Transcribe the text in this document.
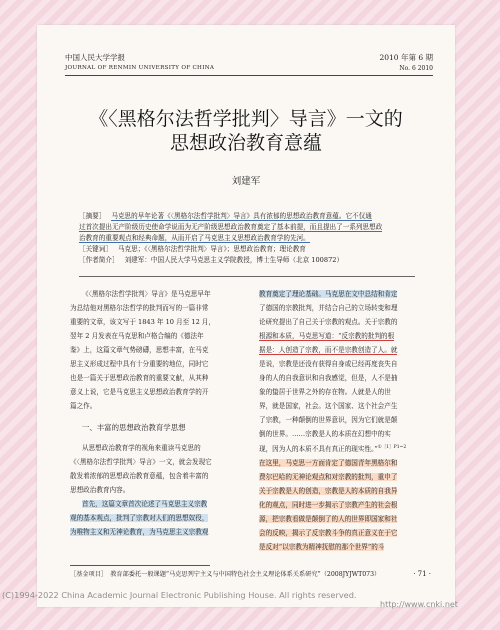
中国人民大学学报
JOURNAL OF RENMIN UNIVERSITY OF CHINA
2010 年第 6 期
No. 6 2010
《〈黑格尔法哲学批判〉导言》一文的
思想政治教育意蕴
刘建军
［摘要］ 马克思的早年论著《〈黑格尔法哲学批判〉导言》具有浓郁的思想政治教育意蕴。它不仅通
过首次提出无产阶级历史使命学说而为无产阶级思想政治教育奠定了基本前提，而且提出了一系列思想政
治教育的重要观点和经典命题，从而开启了马克思主义思想政治教育学的先河。
［关键词］ 马克思；《〈黑格尔法哲学批判〉导言》；思想政治教育；理论教育
［作者简介］ 刘建军：中国人民大学马克思主义学院教授，博士生导师（北京 100872）
《〈黑格尔法哲学批判〉导言》是马克思早年
为总结他对黑格尔法哲学的批判而写的一篇非常
重要的文章，该文写于 1843 年 10 月至 12 月，
翌年 2 月发表在马克思和卢格合编的《德法年
鉴》上，这篇文章气势磅礴，思想丰富，在马克
思主义形成过程中具有十分重要的地位，同时它
也是一篇关于思想政治教育的重要文献，从其种
意义上说，它是马克思主义思想政治教育学的开
篇之作。
一、丰富的思想政治教育学思想
从思想政治教育学的视角来重读马克思的
《〈黑格尔法哲学批判〉导言》一文，就会发现它
散发着浓郁的思想政治教育意蕴，包含着丰富的
思想政治教育内容。
首先，这篇文章首次论述了马克思主义宗教
观的基本观点，批判了宗教对人们的思想奴役，
为唯物主义和无神论教育，为马克思主义宗教观
教育奠定了理论基础。马克思在文中总结和肯定
了德国的宗教批判，并结合自己的立场转变和理
论研究提出了自己关于宗教的观点。关于宗教的
根源和本质，马克思写道：“反宗教的批判的根
据是：人创造了宗教，而不是宗教创造了人。就
是说，宗教是还没有获得自身或已经再度丧失自
身的人的自我意识和自我感觉，但是，人不是抽
象的蛰居于世界之外的存在物。人就是人的世
界，就是国家，社会。这个国家、这个社会产生
了宗教，一种颠倒的世界意识，因为它们就是颠
倒的世界。……宗教是人的本质在幻想中的实
现，因为人的本质不具有真正的现实性。”$^{①[1]P1\sim 2}$
在这里，马克思一方面肯定了德国青年黑格尔和
费尔巴哈的无神论观点和对宗教的批判，重申了
关于宗教是人的创造，宗教是人的本质的自我异
化的观点，同时进一步揭示了宗教产生的社会根
源，把宗教看做是颠倒了的人的世界即国家和社
会的反映，揭示了反宗教斗争的真正意义在于它
是反对“以宗教为精神抚慰的那个世界”的斗
［基金项目］　教育部委托一般课题“马克思列宁主义与中国特色社会主义理论体系关系研究”（2008JYJWT073）	· 71 ·
(C)1994-2022 China Academic Journal Electronic Publishing House. All rights reserved.
http://www.cnki.net
